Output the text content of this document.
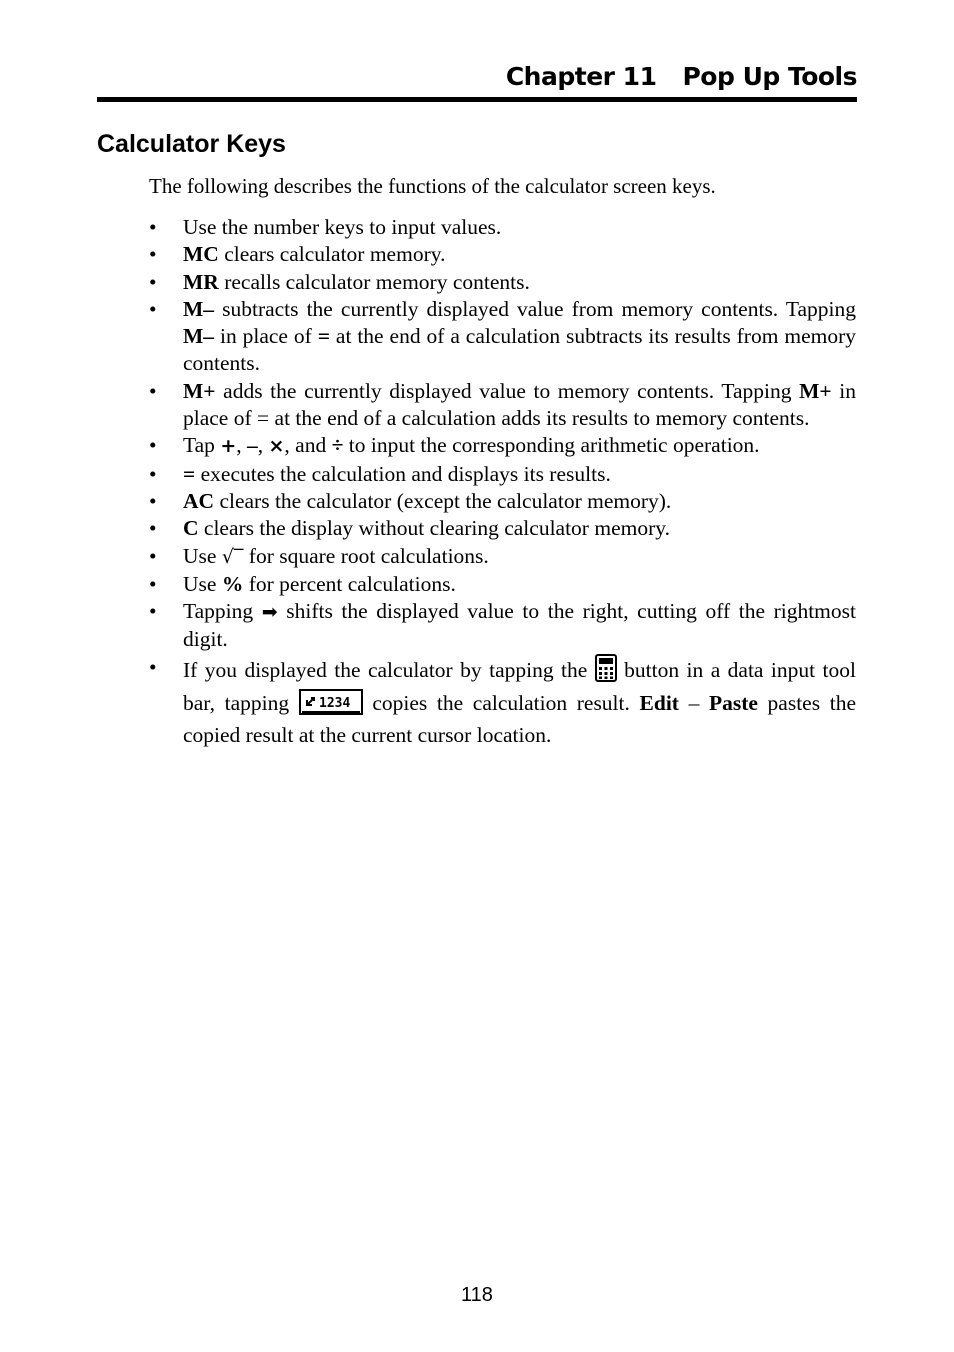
Chapter 11 Pop Up Tools
Calculator Keys
The following describes the functions of the calculator screen keys.
• Use the number keys to input values.
• MC clears calculator memory.
• MR recalls calculator memory contents.
• M– subtracts the currently displayed value from memory contents. Tapping M– in place of = at the end of a calculation subtracts its results from memory contents.
• M+ adds the currently displayed value to memory contents. Tapping M+ in place of = at the end of a calculation adds its results to memory contents.
• Tap +, –, ×, and ÷ to input the corresponding arithmetic operation.
• = executes the calculation and displays its results.
• AC clears the calculator (except the calculator memory).
• C clears the display without clearing calculator memory.
• Use √‾ for square root calculations.
• Use % for percent calculations.
• Tapping ➡ shifts the displayed value to the right, cutting off the rightmost digit.
• If you displayed the calculator by tapping the  button in a data input tool bar, tapping 1234 copies the calculation result. Edit – Paste pastes the copied result at the current cursor location.
118
